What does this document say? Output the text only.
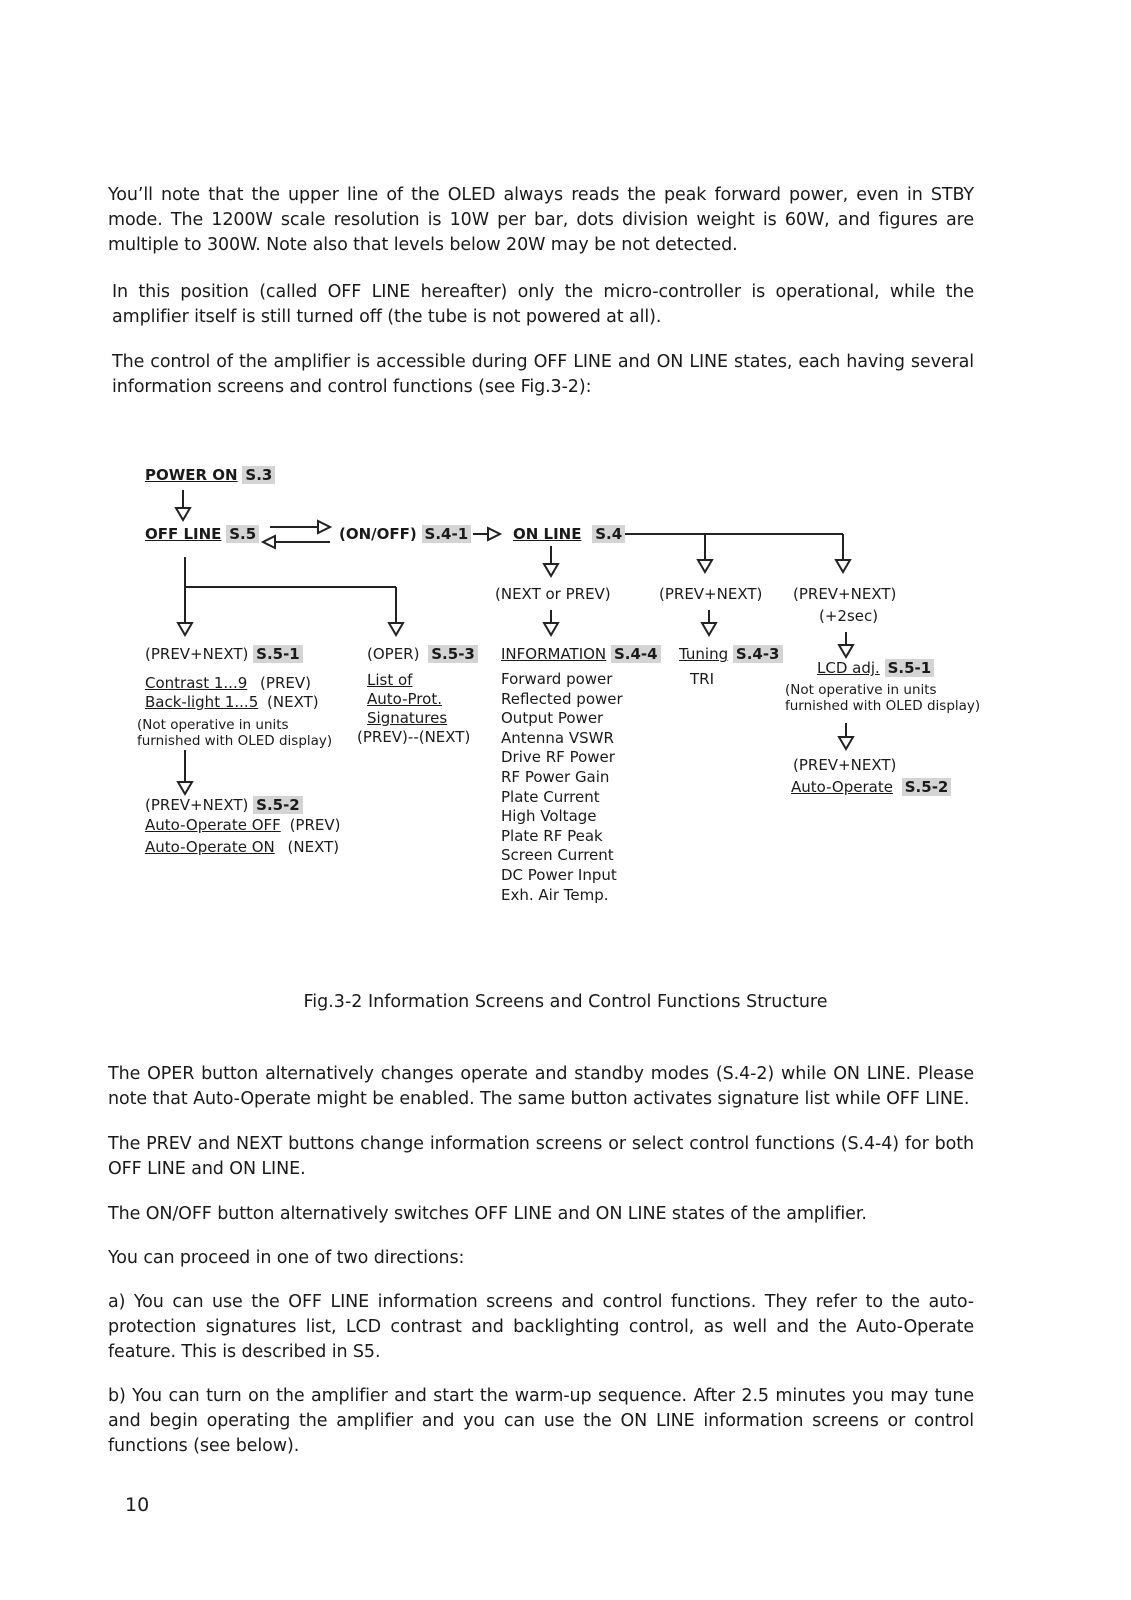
You’ll note that the upper line of the OLED always reads the peak forward power, even in STBY mode. The 1200W scale resolution is 10W per bar, dots division weight is 60W, and figures are multiple to 300W. Note also that levels below 20W may be not detected.

In this position (called OFF LINE hereafter) only the micro-controller is operational, while the amplifier itself is still turned off (the tube is not powered at all).

The control of the amplifier is accessible during OFF LINE and ON LINE states, each having several information screens and control functions (see Fig.3-2):

POWER ON S.3
OFF LINE S.5	(ON/OFF) S.4-1	ON LINE S.4
(PREV+NEXT) S.5-1
Contrast 1...9 (PREV)
Back-light 1...5 (NEXT)
(Not operative in units
furnished with OLED display)
(PREV+NEXT) S.5-2
Auto-Operate OFF (PREV)
Auto-Operate ON (NEXT)
(OPER) S.5-3
List of
Auto-Prot.
Signatures
(PREV)--(NEXT)
(NEXT or PREV)
INFORMATION S.4-4
Forward power
Reflected power
Output Power
Antenna VSWR
Drive RF Power
RF Power Gain
Plate Current
High Voltage
Plate RF Peak
Screen Current
DC Power Input
Exh. Air Temp.
(PREV+NEXT)
Tuning S.4-3
TRI
(PREV+NEXT)
(+2sec)
LCD adj. S.5-1
(Not operative in units
furnished with OLED display)
(PREV+NEXT)
Auto-Operate S.5-2
Fig.3-2 Information Screens and Control Functions Structure

The OPER button alternatively changes operate and standby modes (S.4-2) while ON LINE. Please note that Auto-Operate might be enabled. The same button activates signature list while OFF LINE.

The PREV and NEXT buttons change information screens or select control functions (S.4-4) for both OFF LINE and ON LINE.

The ON/OFF button alternatively switches OFF LINE and ON LINE states of the amplifier.

You can proceed in one of two directions:

a) You can use the OFF LINE information screens and control functions. They refer to the auto-protection signatures list, LCD contrast and backlighting control, as well and the Auto-Operate feature. This is described in S5.

b) You can turn on the amplifier and start the warm-up sequence. After 2.5 minutes you may tune and begin operating the amplifier and you can use the ON LINE information screens or control functions (see below).

10
